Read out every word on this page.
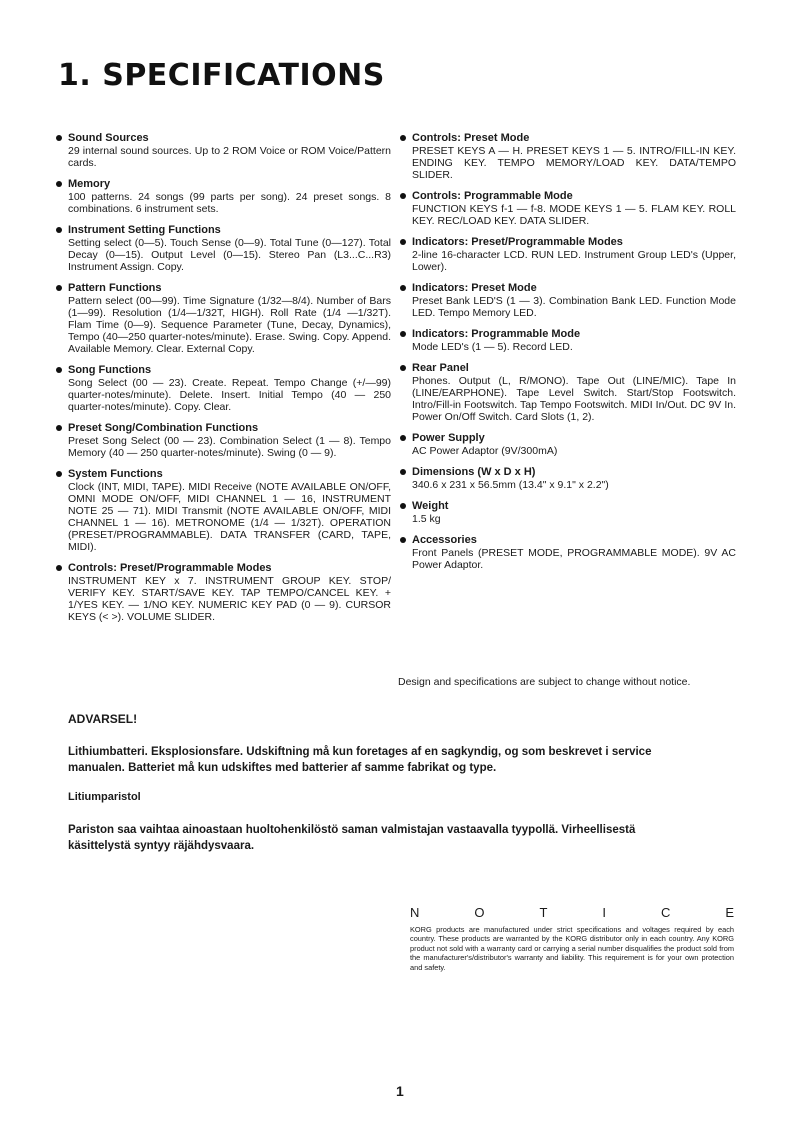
1. SPECIFICATIONS

Sound Sources

29 internal sound sources. Up to 2 ROM Voice or ROM Voice/Pattern cards.

Memory

100 patterns. 24 songs (99 parts per song). 24 preset songs. 8 combinations. 6 instrument sets.

Instrument Setting Functions

Setting select (0—5). Touch Sense (0—9). Total Tune (0—127). Total Decay (0—15). Output Level (0—15). Stereo Pan (L3...C...R3) Instrument Assign. Copy.

Pattern Functions

Pattern select (00—99). Time Signature (1/32—8/4). Number of Bars (1—99). Resolution (1/4—1/32T, HIGH). Roll Rate (1/4 —1/32T). Flam Time (0—9). Sequence Parameter (Tune, Decay, Dynamics), Tempo (40—250 quarter-notes/minute). Erase. Swing. Copy. Append. Available Memory. Clear. External Copy.

Song Functions

Song Select (00 — 23). Create. Repeat. Tempo Change (+/—99) quarter-notes/minute). Delete. Insert. Initial Tempo (40 — 250 quarter-notes/minute). Copy. Clear.

Preset Song/Combination Functions

Preset Song Select (00 — 23). Combination Select (1 — 8). Tempo Memory (40 — 250 quarter-notes/minute). Swing (0 — 9).

System Functions

Clock (INT, MIDI, TAPE). MIDI Receive (NOTE AVAILABLE ON/OFF, OMNI MODE ON/OFF, MIDI CHANNEL 1 — 16, INSTRUMENT NOTE 25 — 71). MIDI Transmit (NOTE AVAILABLE ON/OFF, MIDI CHANNEL 1 — 16). METRONOME (1/4 — 1/32T). OPERATION (PRESET/PROGRAMMABLE). DATA TRANSFER (CARD, TAPE, MIDI).

Controls: Preset/Programmable Modes

INSTRUMENT KEY x 7. INSTRUMENT GROUP KEY. STOP/ VERIFY KEY. START/SAVE KEY. TAP TEMPO/CANCEL KEY. + 1/YES KEY. — 1/NO KEY. NUMERIC KEY PAD (0 — 9). CURSOR KEYS (< >). VOLUME SLIDER.

Controls: Preset Mode

PRESET KEYS A — H. PRESET KEYS 1 — 5. INTRO/FILL-IN KEY. ENDING KEY. TEMPO MEMORY/LOAD KEY. DATA/TEMPO SLIDER.

Controls: Programmable Mode

FUNCTION KEYS f-1 — f-8. MODE KEYS 1 — 5. FLAM KEY. ROLL KEY. REC/LOAD KEY. DATA SLIDER.

Indicators: Preset/Programmable Modes

2-line 16-character LCD. RUN LED. Instrument Group LED's (Upper, Lower).

Indicators: Preset Mode

Preset Bank LED'S (1 — 3). Combination Bank LED. Function Mode LED. Tempo Memory LED.

Indicators: Programmable Mode

Mode LED's (1 — 5). Record LED.

Rear Panel

Phones. Output (L, R/MONO). Tape Out (LINE/MIC). Tape In (LINE/EARPHONE). Tape Level Switch. Start/Stop Footswitch. Intro/Fill-in Footswitch. Tap Tempo Footswitch. MIDI In/Out. DC 9V In. Power On/Off Switch. Card Slots (1, 2).

Power Supply

AC Power Adaptor (9V/300mA)

Dimensions (W x D x H)

340.6 x 231 x 56.5mm (13.4" x 9.1" x 2.2")

Weight

1.5 kg

Accessories

Front Panels (PRESET MODE, PROGRAMMABLE MODE). 9V AC Power Adaptor.

Design and specifications are subject to change without notice.

ADVARSEL!

Lithiumbatteri. Eksplosionsfare. Udskiftning må kun foretages af en sagkyndig, og som beskrevet i service manualen. Batteriet må kun udskiftes med batterier af samme fabrikat og type.

Litiumparistol

Pariston saa vaihtaa ainoastaan huoltohenkilöstö saman valmistajan vastaavalla tyypollä. Virheellisestä käsittelystä syntyy räjähdysvaara.

N	O	T	I	C	E

KORG products are manufactured under strict specifications and voltages required by each country. These products are warranted by the KORG distributor only in each country. Any KORG product not sold with a warranty card or carrying a serial number disqualifies the product sold from the manufacturer's/distributor's warranty and liability. This requirement is for your own protection and safety.

1
